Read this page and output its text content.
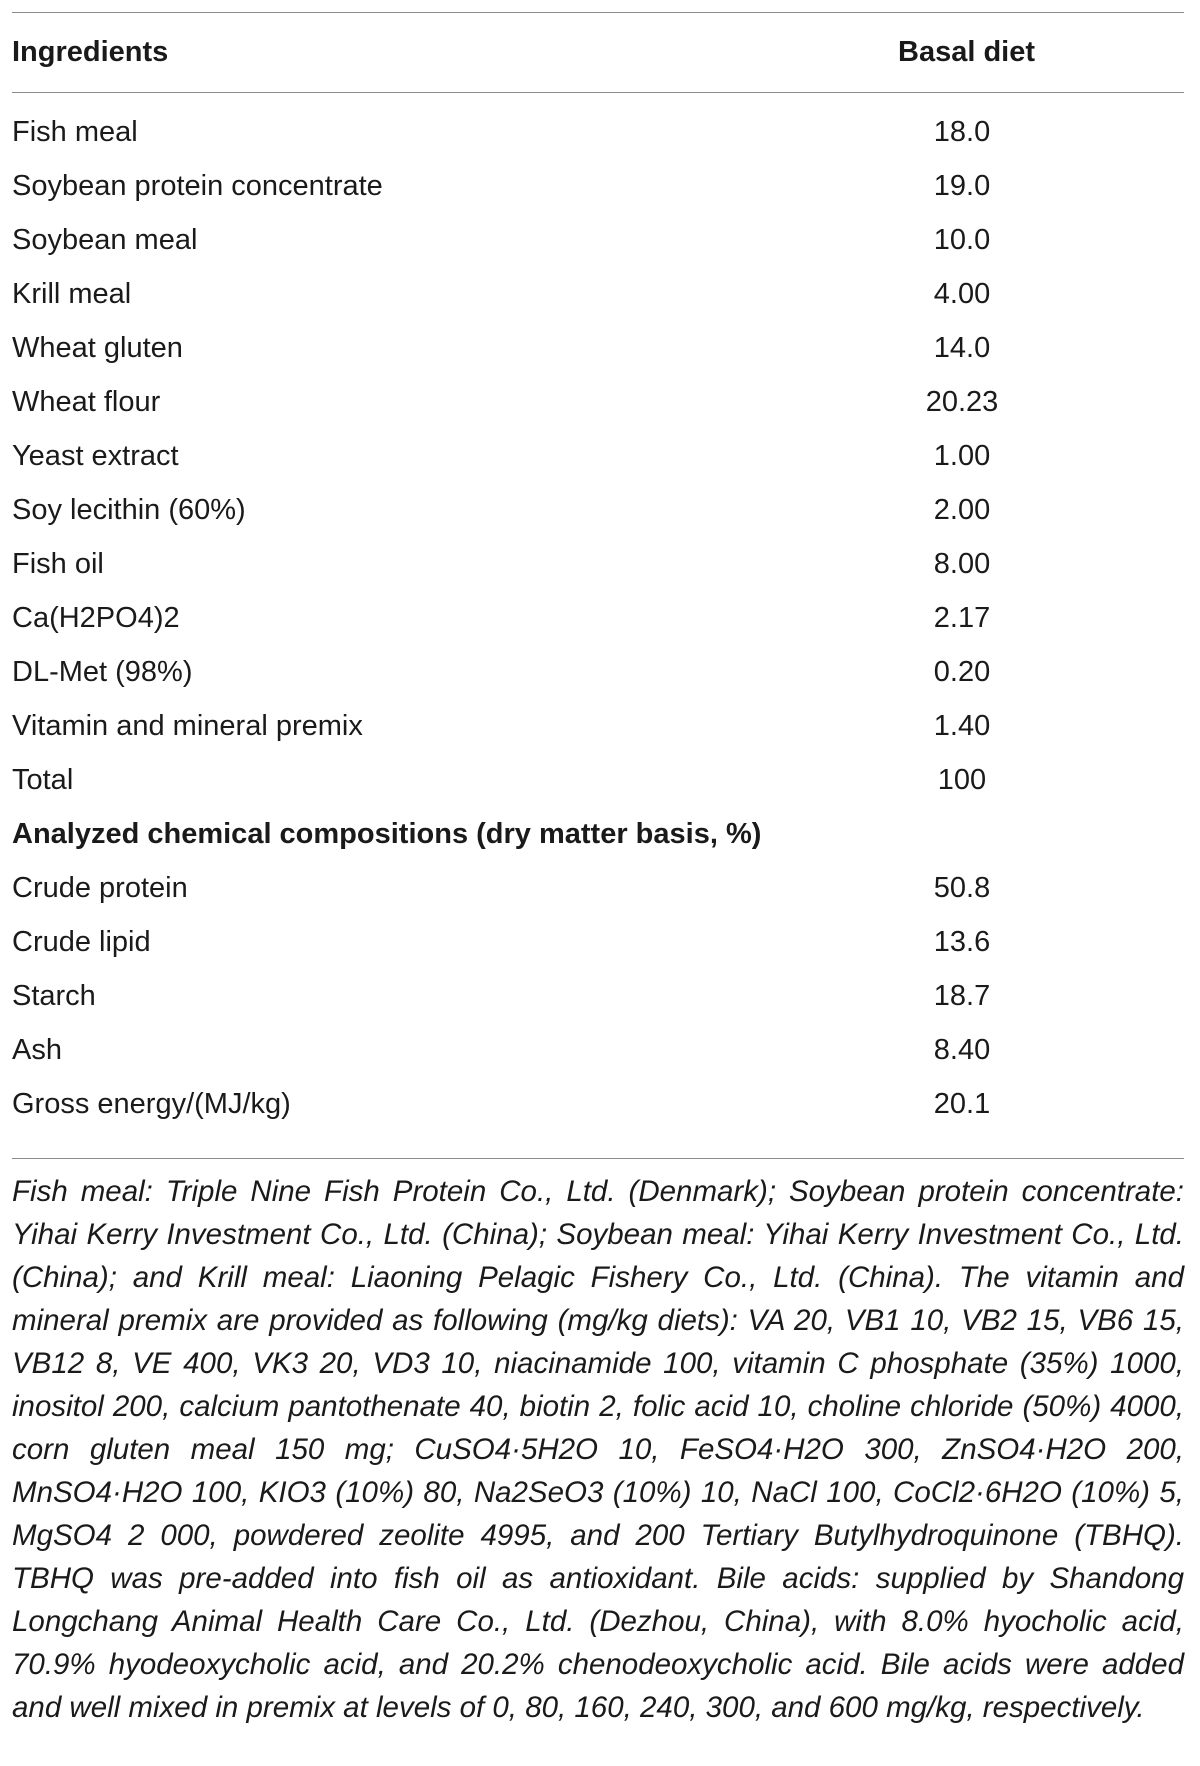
Ingredients	Basal diet
Fish meal	18.0
Soybean protein concentrate	19.0
Soybean meal	10.0
Krill meal	4.00
Wheat gluten	14.0
Wheat flour	20.23
Yeast extract	1.00
Soy lecithin (60%)	2.00
Fish oil	8.00
Ca(H2PO4)2	2.17
DL-Met (98%)	0.20
Vitamin and mineral premix	1.40
Total	100
Analyzed chemical compositions (dry matter basis, %)
Crude protein	50.8
Crude lipid	13.6
Starch	18.7
Ash	8.40
Gross energy/(MJ/kg)	20.1

Fish meal: Triple Nine Fish Protein Co., Ltd. (Denmark); Soybean protein concentrate: Yihai Kerry Investment Co., Ltd. (China); Soybean meal: Yihai Kerry Investment Co., Ltd. (China); and Krill meal: Liaoning Pelagic Fishery Co., Ltd. (China). The vitamin and mineral premix are provided as following (mg/kg diets): VA 20, VB1 10, VB2 15, VB6 15, VB12 8, VE 400, VK3 20, VD3 10, niacinamide 100, vitamin C phosphate (35%) 1000, inositol 200, calcium pantothenate 40, biotin 2, folic acid 10, choline chloride (50%) 4000, corn gluten meal 150 mg; CuSO4·5H2O 10, FeSO4·H2O 300, ZnSO4·H2O 200, MnSO4·H2O 100, KIO3 (10%) 80, Na2SeO3 (10%) 10, NaCl 100, CoCl2·6H2O (10%) 5, MgSO4 2 000, powdered zeolite 4995, and 200 Tertiary Butylhydroquinone (TBHQ). TBHQ was pre-added into fish oil as antioxidant. Bile acids: supplied by Shandong Longchang Animal Health Care Co., Ltd. (Dezhou, China), with 8.0% hyocholic acid, 70.9% hyodeoxycholic acid, and 20.2% chenodeoxycholic acid. Bile acids were added and well mixed in premix at levels of 0, 80, 160, 240, 300, and 600 mg/kg, respectively.
